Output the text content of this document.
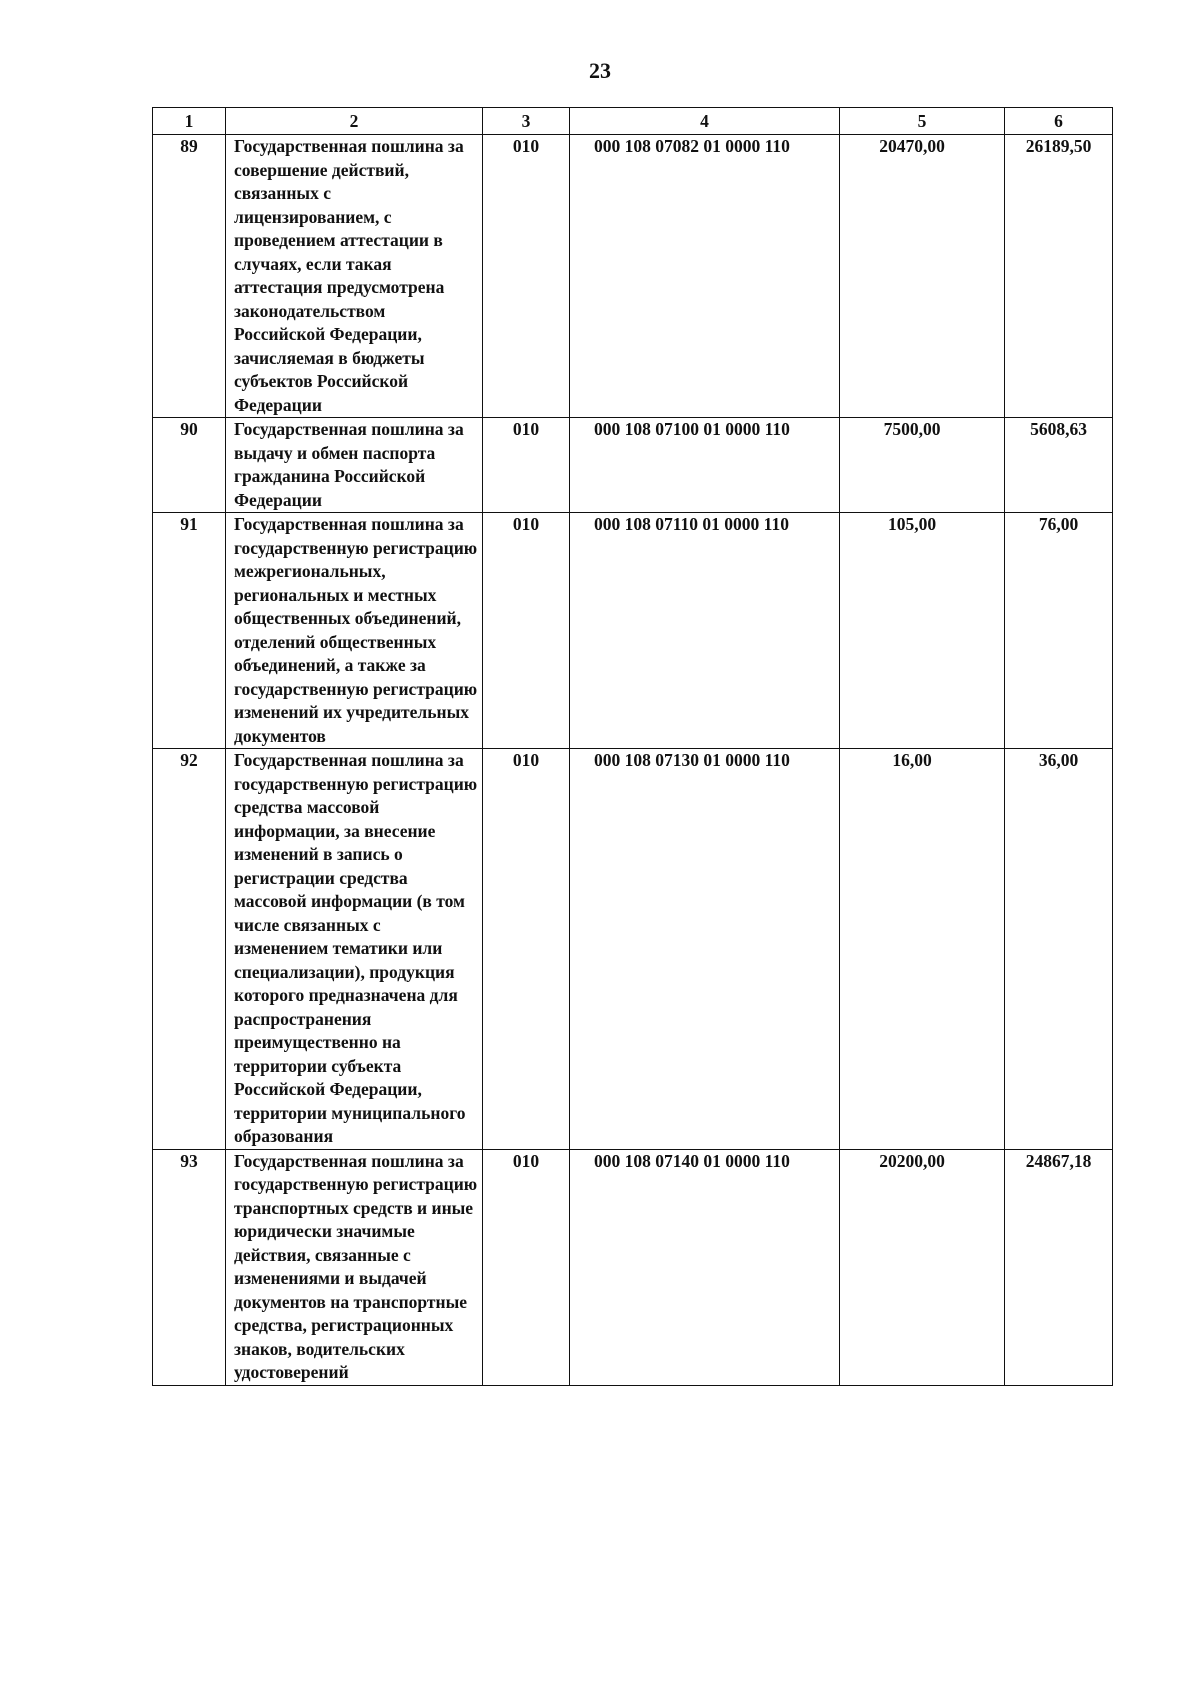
23
1	2	3	4	5	6
89	Государственная пошлина за совершение действий, связанных с лицензированием, с проведением аттестации в случаях, если такая аттестация предусмотрена законодательством Российской Федерации, зачисляемая в бюджеты субъектов Российской Федерации	010	000 108 07082 01 0000 110	20470,00	26189,50
90	Государственная пошлина за выдачу и обмен паспорта гражданина Российской Федерации	010	000 108 07100 01 0000 110	7500,00	5608,63
91	Государственная пошлина за государственную регистрацию межрегиональных, региональных и местных общественных объединений, отделений общественных объединений, а также за государственную регистрацию изменений их учредительных документов	010	000 108 07110 01 0000 110	105,00	76,00
92	Государственная пошлина за государственную регистрацию средства массовой информации, за внесение изменений в запись о регистрации средства массовой информации (в том числе связанных с изменением тематики или специализации), продукция которого предназначена для распространения преимущественно на территории субъекта Российской Федерации, территории муниципального образования	010	000 108 07130 01 0000 110	16,00	36,00
93	Государственная пошлина за государственную регистрацию транспортных средств и иные юридически значимые действия, связанные с изменениями и выдачей документов на транспортные средства, регистрационных знаков, водительских удостоверений	010	000 108 07140 01 0000 110	20200,00	24867,18
